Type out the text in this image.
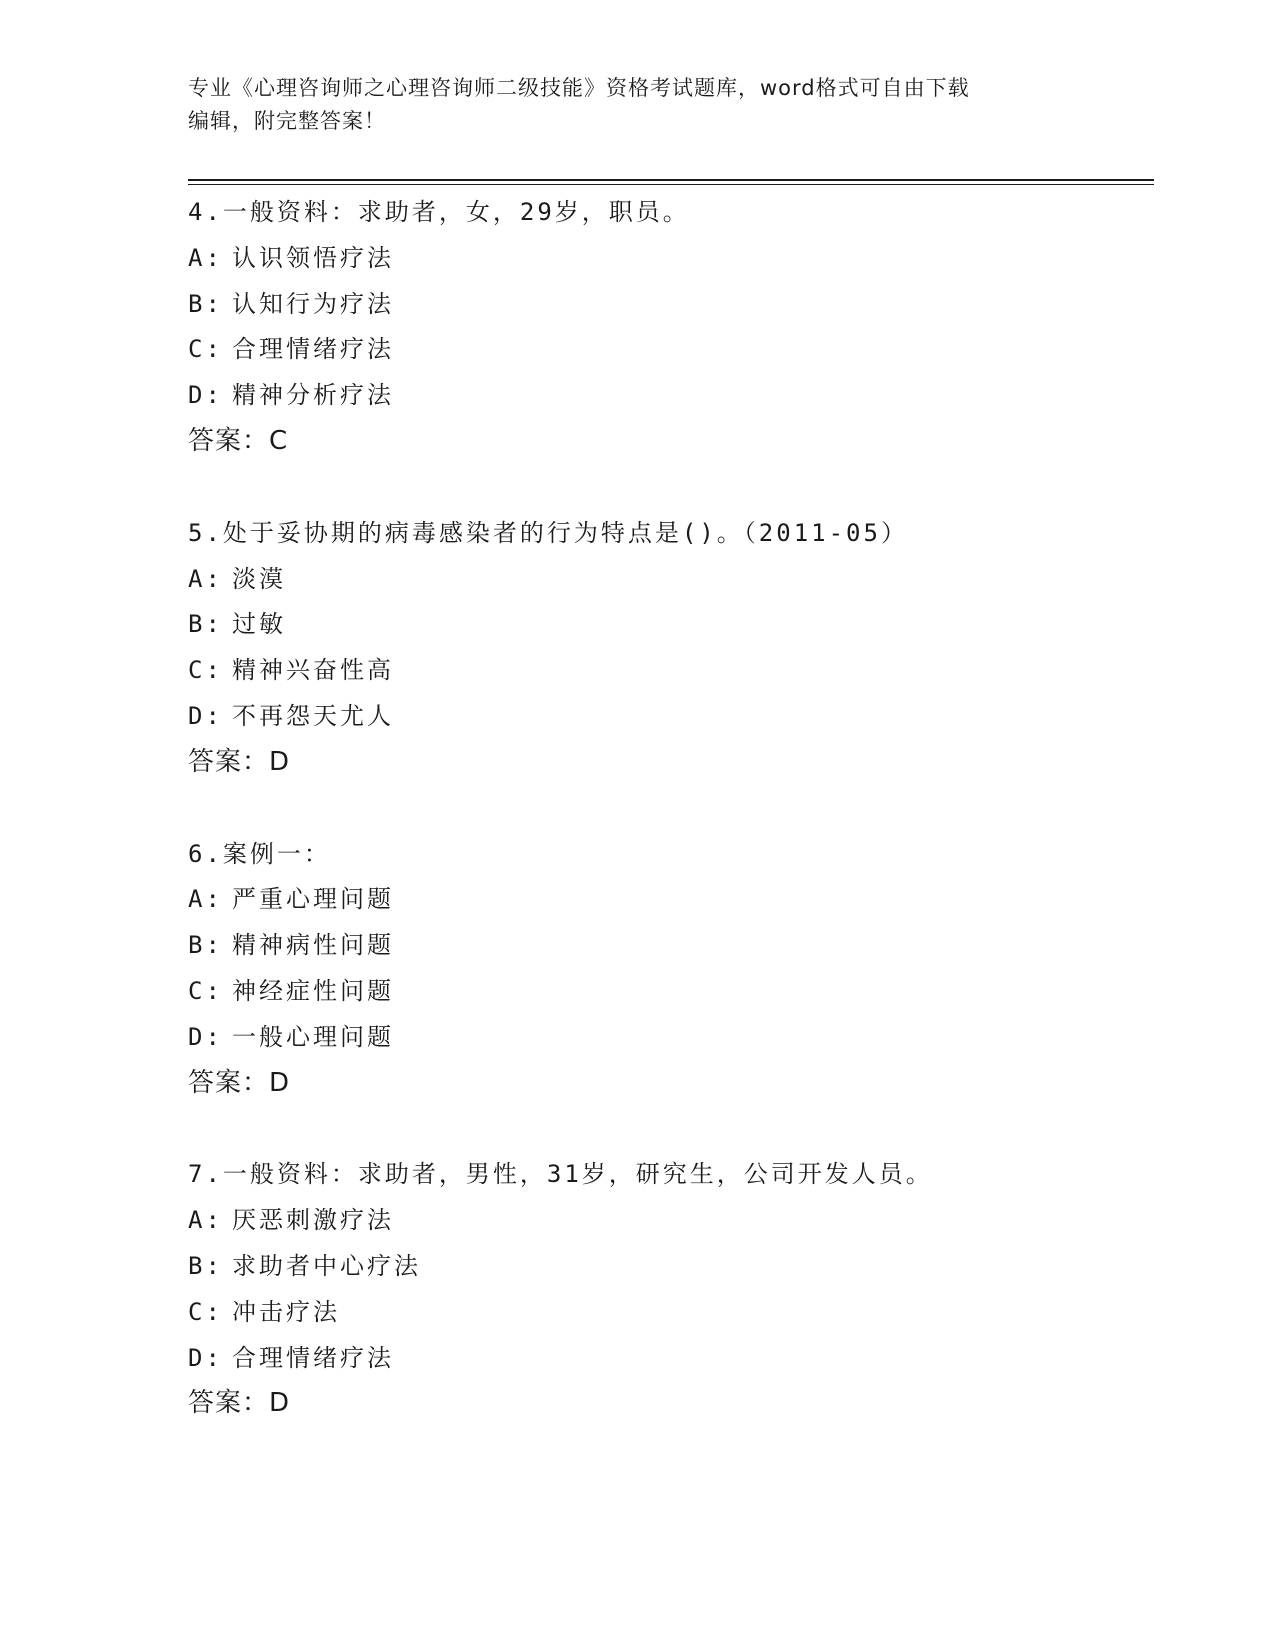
专业《心理咨询师之心理咨询师二级技能》资格考试题库，word格式可自由下载
编辑，附完整答案！
4.一般资料：求助者，女，29岁，职员。
A: 认识领悟疗法
B: 认知行为疗法
C: 合理情绪疗法
D: 精神分析疗法
答案：C
5.处于妥协期的病毒感染者的行为特点是()。（2011-05）
A: 淡漠
B: 过敏
C: 精神兴奋性高
D: 不再怨天尤人
答案：D
6.案例一：
A: 严重心理问题
B: 精神病性问题
C: 神经症性问题
D: 一般心理问题
答案：D
7.一般资料：求助者，男性，31岁，研究生，公司开发人员。
A: 厌恶刺激疗法
B: 求助者中心疗法
C: 冲击疗法
D: 合理情绪疗法
答案：D
